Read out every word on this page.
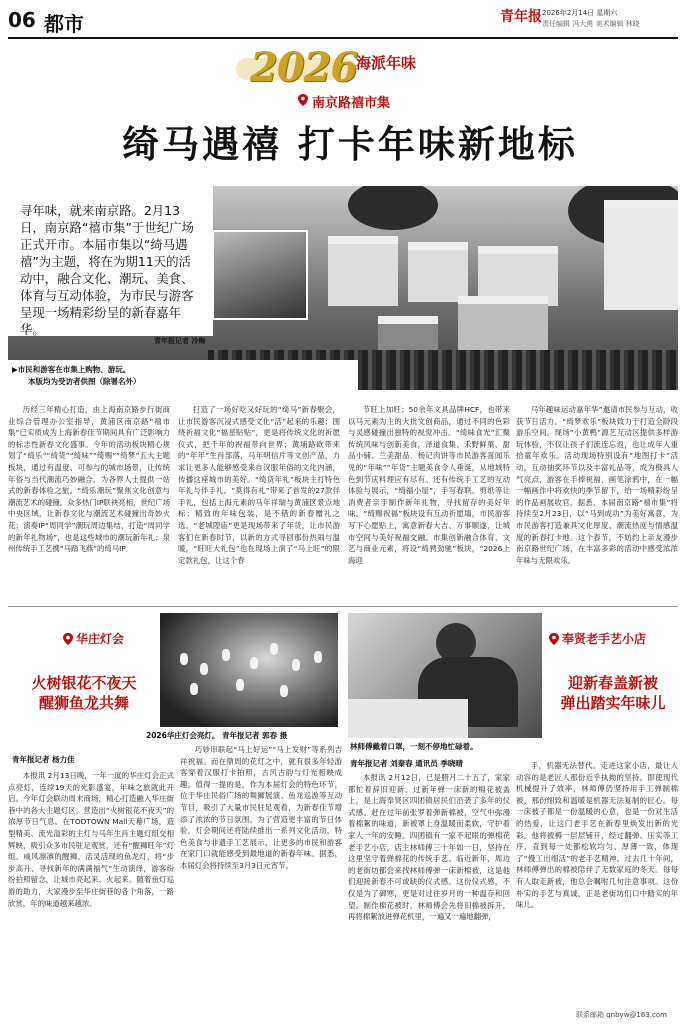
06 都市	青年报 2026年2月14日 星期六
责任编辑 冯大勇 美术编辑 林晓
2026
海派年味
南京路禧市集
绮马遇禧 打卡年味新地标
寻年味，就来南京路。2月13日，南京路“禧市集”于世纪广场正式开市。本届市集以“绮马遇禧”为主题，将在为期11天的活动中，融合文化、潮玩、美食、体育与互动体验，为市民与游客呈现一场精彩纷呈的新春嘉年华。
青年报记者 冷梅
▶市民和游客在市集上购物、游玩。
本版均为受访者供图（除署名外）

历经三年精心打造，由上海南京路步行街商业综合管理办公室指导，黄浦区南京路“禧市集”已实质成为上海新春佳节期间具有广泛影响力的标志性新春文化盛事。今年的活动板块精心规划了“绮乐”“绮货”“绮味”“绮赐”“绮梦”五大主题板块，通过有温度、可参与的城市场景，让传统年俗与当代潮流巧妙融合，为各界人士提供一站式的新春体验之旅。“绮乐潮玩”聚焦文化创意与潮流艺术的碰撞。众多热门IP联袂亮相，世纪广场中央区域，让新春文化与潮流艺术碰撞出奇妙火花；演奏IP“周同学”潮玩周边集结，打造“周同学的新年礼物场”，也是这些城市的潮玩新年礼；泉州传统手工艺携“马踏飞燕”的绮马IP

打造了一场好吃又好玩的“绮马”新春聚会，让市民游客沉浸式感受文化“活”起来的乐趣；围绕祈福文化“福星贴贴”，更是将传统文化的祈愿仪式，把千年的祝福带向世界；黄埔路欧带来的“年年”生肖部落，马年明信片等文创产品，力求让更多人能够感受来自汉服年俗的文化内涵，传播这座城市的美好。“绮货年礼”板块主打特色年礼与伴手礼。“莫得有礼”带来了首发的27款伴手礼，包括上海元素的马年祥瑞与黄浦区景点地标；精致的年味包装，是不错的新春赠礼之选。“老城隍庙”更是现场带来了年货，让市民游客们在新春时节，以新的方式寻回那份热闹与温暖，“旺旺大礼包”也在现场上演了“马上旺”的限定款礼包，让这个春

节旺上加旺；50余年文具品牌HCF，也带来以马元素为主的大批文创商品，通过不同的色彩与灵感碰撞出独特的视觉冲击。“绮味食光”汇聚传统风味与创新美食，泽道食集、禾野鲜菓、甜品小铺、兰美甜品、杨记肉饼等市民游客喜闻乐见的“年味”“年货”主题美食令人垂涎，从地域特色到节庆料理应有尽有。还有传统手工艺的互动体验与展示，“绮福小屋”，手写春联、剪纸等让消费者亲手制作新年礼物，寻找留存的美好年味。“绮赐祝福”板块设有互动祈愿墙，市民游客写下心愿贴上，寓意新春大吉、万事顺遂，让城市空间与美好祝福交融。市集创新融合体育、文艺与商业元素，将设“绮骋劲驰”板块，“2026上海迎

马年趣味运动嘉年华”邀请市民参与互动，收获节日活力。“绮梦欢乐”板块致力于打造全龄段游乐空间。现场“小黄鸭”源艺互动区提供多样游玩体验，不仅让孩子们流连忘返，也让成年人重拾童年欢乐。活动现场特别设有“地图打卡”活动，互动抽奖环节以及丰富礼品等，成为极具人气亮点，游客在手捧祝福、画笔涂鸦中，在一幅一幅画作中将欢快的季节留下，给一场精彩纷呈的作品画展收官。据悉，本届南京路“禧市集”将持续至2月23日，以“马到成功”为美好寓意，为市民游客打造兼具文化厚度、潮流热度与情感温度的新春打卡地。这个春节，不妨约上亲友漫步南京路世纪广场，在丰富多彩的活动中感受浓浓年味与无限欢乐。

华庄灯会
火树银花不夜天
醒狮鱼龙共舞
2026华庄灯会亮灯。 青年报记者 郭春 摄
青年报记者 杨力佳

本报讯 2月13日晚，一年一度的华庄灯会正式点亮灯，连续19天的光影盛宴，年味之旅就此开启。今年灯会联动周末商场，精心打造融入华庄街巷中的各大主题灯区，营造出“火树银花不夜天”的浓厚节日气息。在TODTOWN Mall天幕广场，造型精美、流光溢彩的主灯与马年生肖主题灯组交相辉映，吸引众多市民驻足观赏，还有“醒狮旺年”灯组、威风凛凛的醒狮、活灵活现的鱼龙灯，将“步步高升、寻找新年的满满福气”生动演绎，游客纷纷拍照留念，让城市亮起来、火起来。随着鱼灯巡游的助力，大家漫步至华庄街巷的各个角落，一路欣赏，年的味道越来越浓。

巧妙串联起“马上好运”“马上发财”等系列吉祥祝福。而在鼎周的花灯之中，就有很多年轻游客穿着汉服打卡拍照，古风古韵与灯光相映成趣。值得一提的是，作为本届灯会的特色环节，位于华庄民俗广场的舞狮展演、鱼龙巡游等互动节目，吸引了大量市民驻足观看，为新春佳节增添了浓浓的节日氛围。为了营造更丰富的节日体验，灯会期间还将陆续推出一系列文化活动，特色美食与非遗手工艺展示，让更多的市民和游客在家门口就能感受到最地道的新春年味。据悉，本届灯会将持续至3月3日元宵节。

林师傅戴着口罩，一刻不停地忙碌着。
奉贤老手艺小店
迎新春盖新被
弹出踏实年味儿
青年报记者 刘秦春 通讯员 季晓晴

本报讯 2月12日，已是腊月二十五了，家家都忙着辞旧迎新。过新年弹一床新的棉花被盖上，是上海奉贤区四团镇居民们沿袭了多年的仪式感。赶在过年前张罗着弹新棉被，空气中弥漫着棉絮的味道，新被罩上身温暖而柔软，守护着家人一年的安睡。四团镇有一家不起眼的弹棉花老手艺小店，店主林师傅三十年如一日，坚持在这里坚守着弹棉花的传统手艺。临近新年，周边的老街坊都会来找林师傅弹一床新棉被，这是他们迎接新春不可或缺的仪式感。这份仪式感，不仅是为了御寒，更是对过往岁月的一种温存和回望。制作棉花被时，林师傅会先将旧棉被拆开，再将棉絮放进弹花机里，一遍又一遍地翻弹，

手，机器无法替代。走进这家小店，最让人动容的是老匠人那份近乎执拗的坚持。即使现代机械提升了效率，林师傅仍坚持用手工弹制棉被，那份细致和温暖是机器无法复制的匠心。每一床被子都是一份温暖的心意，也是一份对生活的热爱，让这门老手艺在新春里焕发出新的光彩。他将被褥一层层铺开，经过翻弹、压实等工序，直到每一处都松软均匀、厚薄一致，体现了“慢工出细活”的老手艺精神。过去几十年间，林师傅弹出的棉被陪伴了无数家庭的冬天。每每有人取走新被，他总会嘱咐几句注意事项。这份朴实的手艺与真诚，正是老街坊们口中踏实的年味儿。

联系邮箱 qnbyw@163.com
